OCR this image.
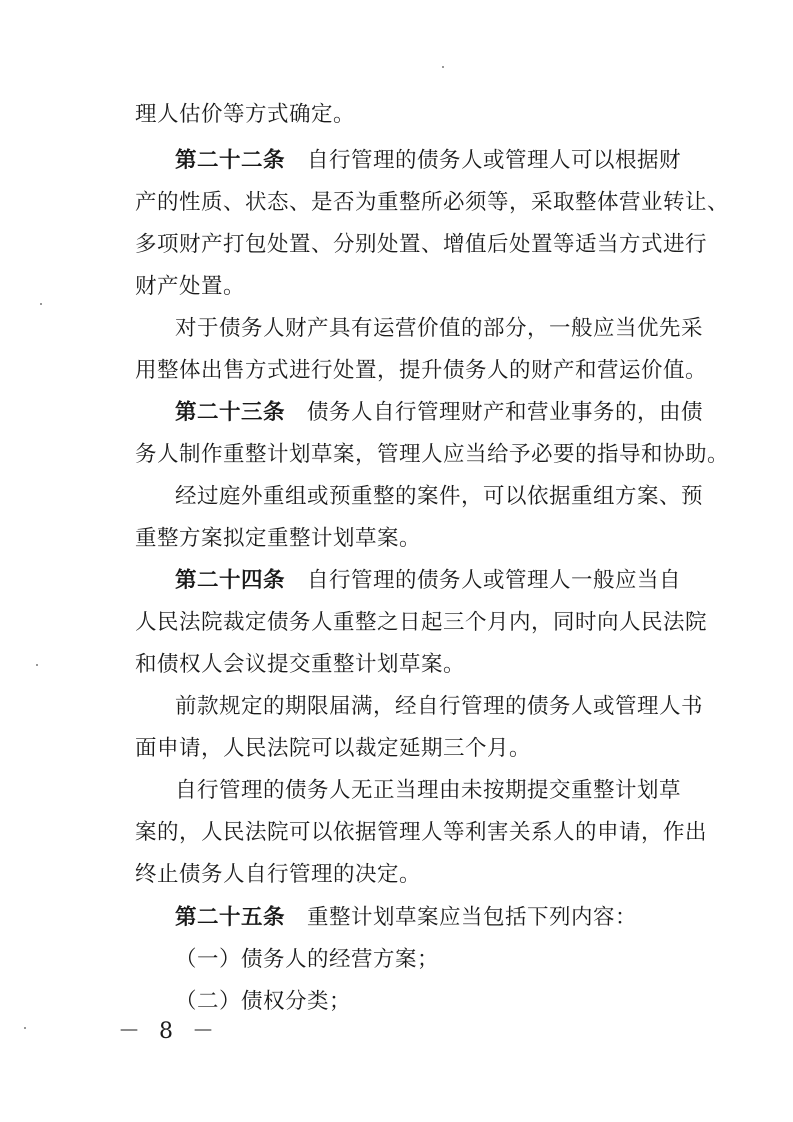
理人估价等方式确定。
第二十二条 自行管理的债务人或管理人可以根据财
产的性质、状态、是否为重整所必须等，采取整体营业转让、
多项财产打包处置、分别处置、增值后处置等适当方式进行
财产处置。
对于债务人财产具有运营价值的部分，一般应当优先采
用整体出售方式进行处置，提升债务人的财产和营运价值。
第二十三条 债务人自行管理财产和营业事务的，由债
务人制作重整计划草案，管理人应当给予必要的指导和协助。
经过庭外重组或预重整的案件，可以依据重组方案、预
重整方案拟定重整计划草案。
第二十四条 自行管理的债务人或管理人一般应当自
人民法院裁定债务人重整之日起三个月内，同时向人民法院
和债权人会议提交重整计划草案。
前款规定的期限届满，经自行管理的债务人或管理人书
面申请，人民法院可以裁定延期三个月。
自行管理的债务人无正当理由未按期提交重整计划草
案的，人民法院可以依据管理人等利害关系人的申请，作出
终止债务人自行管理的决定。
第二十五条 重整计划草案应当包括下列内容：
（一）债务人的经营方案；
（二）债权分类；
－ 8 －
